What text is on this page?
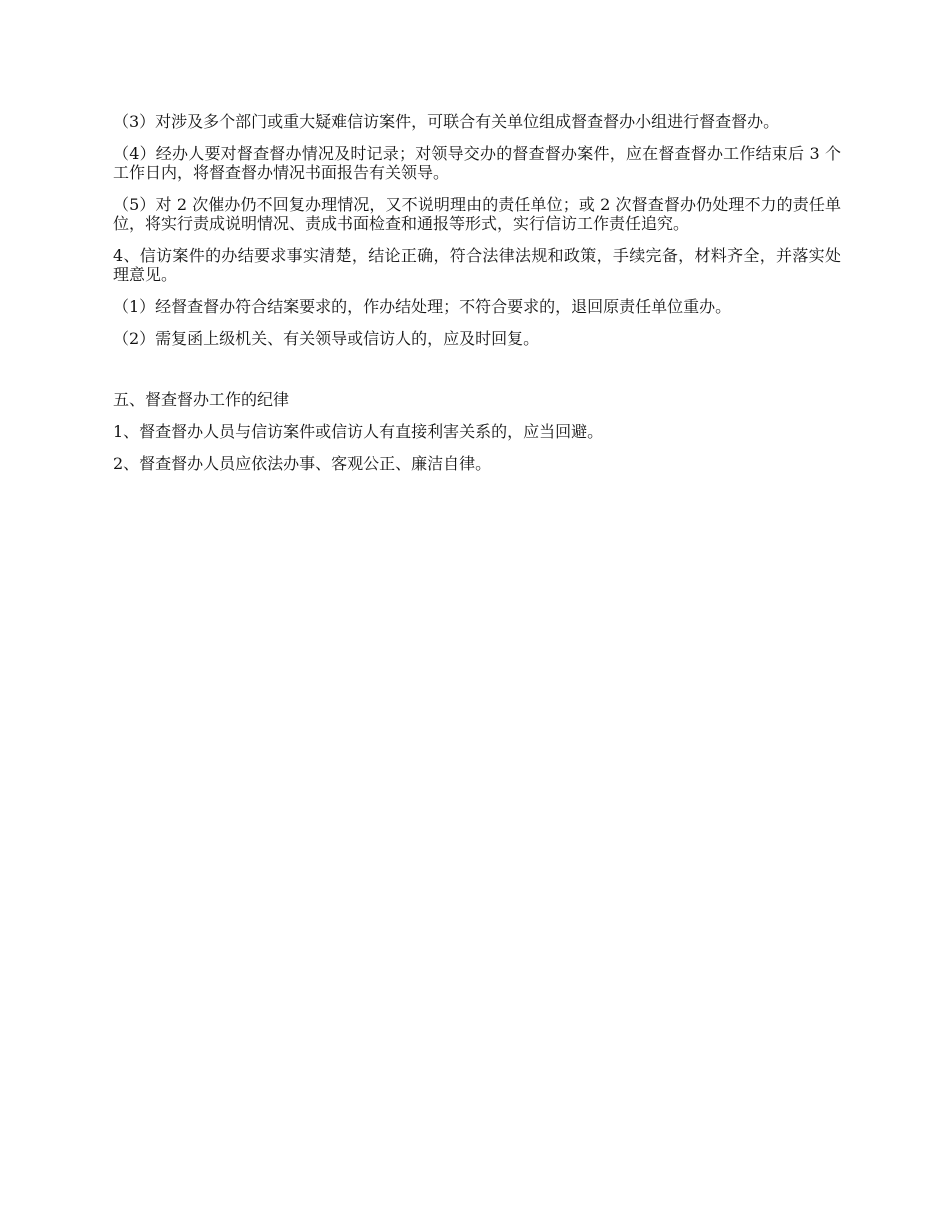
（3）对涉及多个部门或重大疑难信访案件，可联合有关单位组成督查督办小组进行督查督办。

（4）经办人要对督查督办情况及时记录；对领导交办的督查督办案件，应在督查督办工作结束后 3 个工作日内，将督查督办情况书面报告有关领导。

（5）对 2 次催办仍不回复办理情况，又不说明理由的责任单位；或 2 次督查督办仍处理不力的责任单位，将实行责成说明情况、责成书面检查和通报等形式，实行信访工作责任追究。

4、信访案件的办结要求事实清楚，结论正确，符合法律法规和政策，手续完备，材料齐全，并落实处理意见。

（1）经督查督办符合结案要求的，作办结处理；不符合要求的，退回原责任单位重办。

（2）需复函上级机关、有关领导或信访人的，应及时回复。

五、督查督办工作的纪律

1、督查督办人员与信访案件或信访人有直接利害关系的，应当回避。

2、督查督办人员应依法办事、客观公正、廉洁自律。
